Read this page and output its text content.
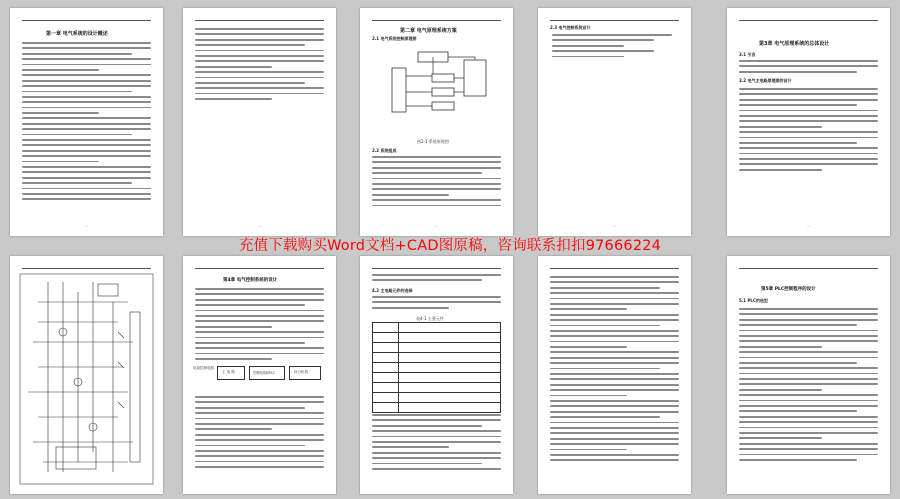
第一章 电气系统的设计概述
—	—
第二章 电气原理系统方案
2.1 电气系统控制原理图
图2-1 系统原理图
2.2 系统组成
—
2.3 电气控制系统设计
—
第3章 电气原理系统的总体设计
3.1 引言
3.2 电气主电路原理图的设计
—
第4章 电气控制系统的设计
电源控制电路
主 电 路	控制电路和PLC	执行机构
4.2 主电路元件的选择
表4-1 主要元件

第5章 PLC控制程序的设计
5.1 PLC的选型
充值下载购买Word文档+CAD图原稿，咨询联系扣扣97666224
